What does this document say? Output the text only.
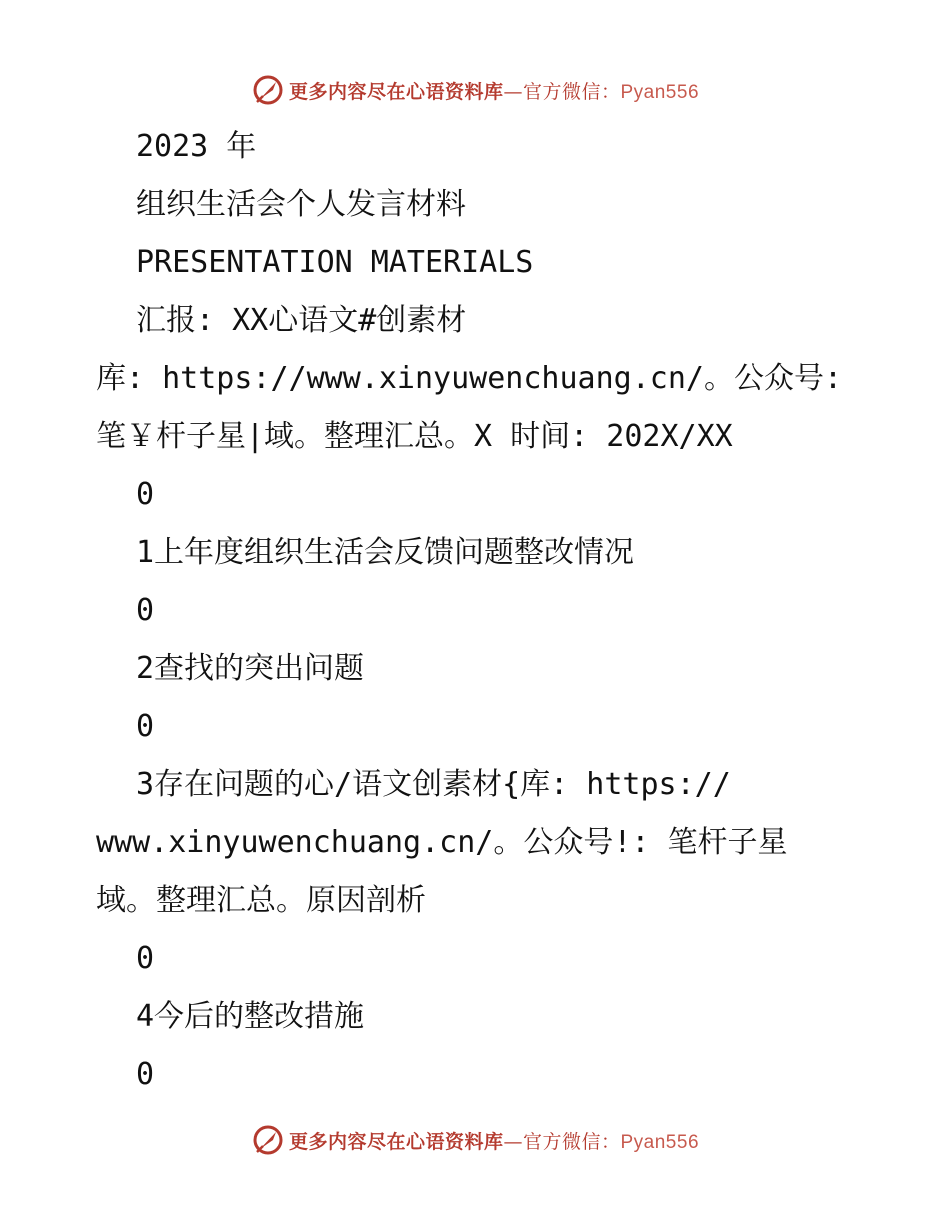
更多内容尽在心语资料库—官方微信：Pyan556
2023 年
组织生活会个人发言材料
PRESENTATION MATERIALS
汇报: XX心语文#创素材
库: https://www.xinyuwenchuang.cn/。公众号:
笔￥杆子星|域。整理汇总。X 时间: 202X/XX
0
1上年度组织生活会反馈问题整改情况
0
2查找的突出问题
0
3存在问题的心/语文创素材{库: https://
www.xinyuwenchuang.cn/。公众号!: 笔杆子星
域。整理汇总。原因剖析
0
4今后的整改措施
0
更多内容尽在心语资料库—官方微信：Pyan556
